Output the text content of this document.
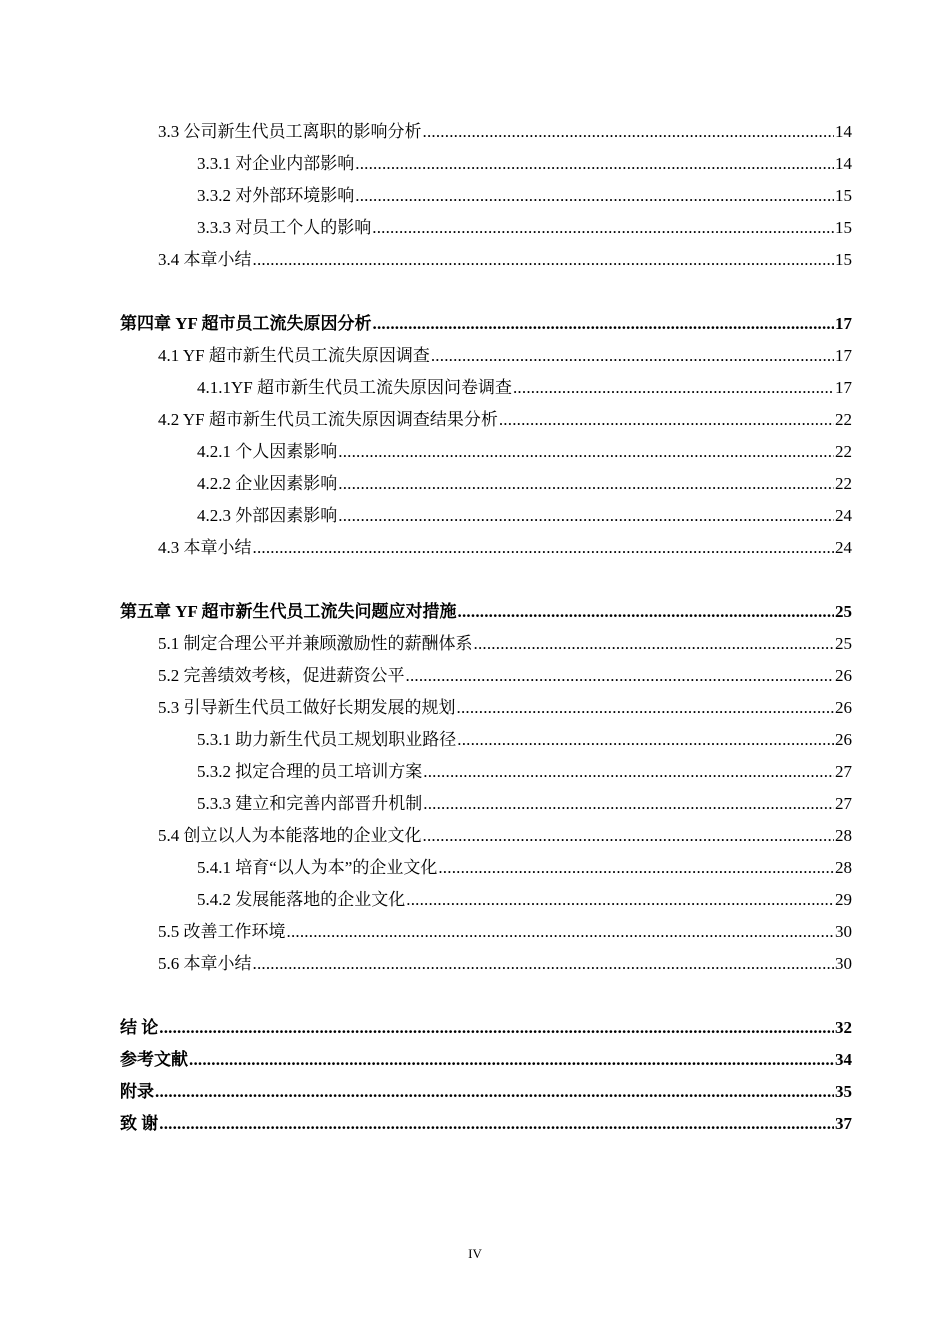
3.3 公司新生代员工离职的影响分析 .....	14
3.3.1 对企业内部影响 .....	14
3.3.2 对外部环境影响 .....	15
3.3.3 对员工个人的影响 .....	15
3.4 本章小结 .....	15
第四章 YF 超市员工流失原因分析 .....	17
4.1 YF 超市新生代员工流失原因调查 .....	17
4.1.1YF 超市新生代员工流失原因问卷调查 .....	17
4.2 YF 超市新生代员工流失原因调查结果分析 .....	22
4.2.1 个人因素影响 .....	22
4.2.2 企业因素影响 .....	22
4.2.3 外部因素影响 .....	24
4.3 本章小结 .....	24
第五章 YF 超市新生代员工流失问题应对措施 .....	25
5.1 制定合理公平并兼顾激励性的薪酬体系 .....	25
5.2 完善绩效考核，促进薪资公平 .....	26
5.3 引导新生代员工做好长期发展的规划 .....	26
5.3.1 助力新生代员工规划职业路径 .....	26
5.3.2 拟定合理的员工培训方案 .....	27
5.3.3 建立和完善内部晋升机制 .....	27
5.4 创立以人为本能落地的企业文化 .....	28
5.4.1 培育“以人为本”的企业文化 .....	28
5.4.2 发展能落地的企业文化 .....	29
5.5 改善工作环境 .....	30
5.6 本章小结 .....	30
结 论 .....	32
参考文献 .....	34
附录 .....	35
致 谢 .....	37
IV
